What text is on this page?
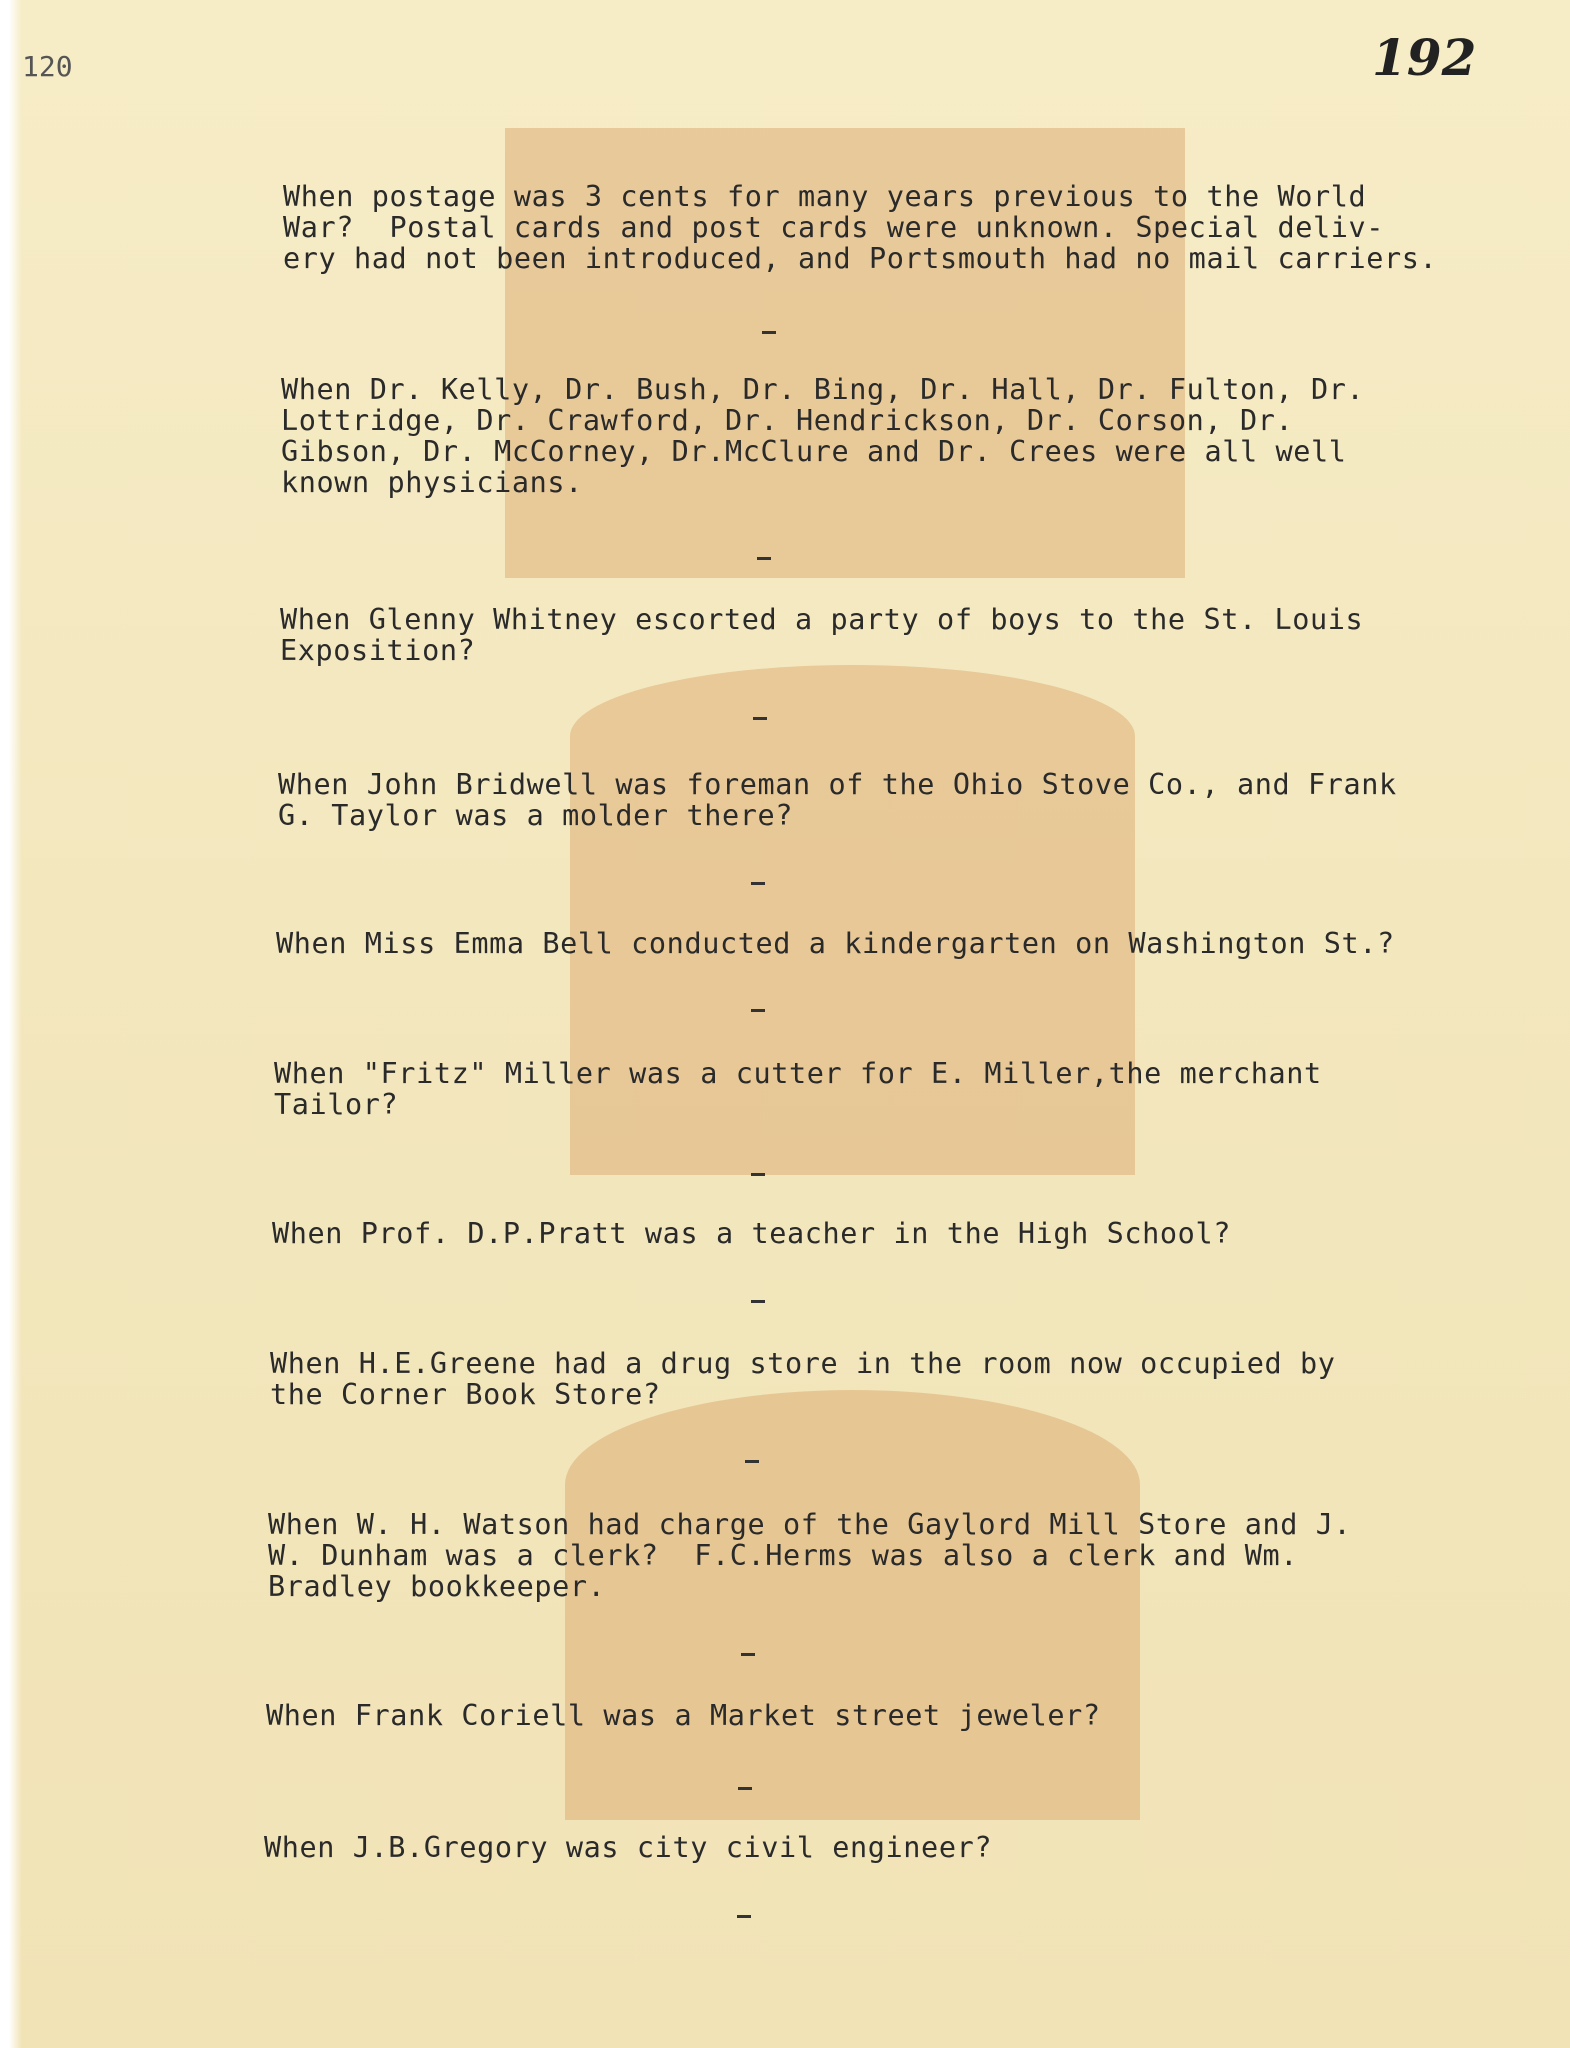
120	192

When postage was 3 cents for many years previous to the World
War?  Postal cards and post cards were unknown. Special deliv-
ery had not been introduced, and Portsmouth had no mail carriers.

When Dr. Kelly, Dr. Bush, Dr. Bing, Dr. Hall, Dr. Fulton, Dr.
Lottridge, Dr. Crawford, Dr. Hendrickson, Dr. Corson, Dr.
Gibson, Dr. McCorney, Dr.McClure and Dr. Crees were all well
known physicians.

When Glenny Whitney escorted a party of boys to the St. Louis
Exposition?

When John Bridwell was foreman of the Ohio Stove Co., and Frank
G. Taylor was a molder there?

When Miss Emma Bell conducted a kindergarten on Washington St.?

When "Fritz" Miller was a cutter for E. Miller,the merchant
Tailor?

When Prof. D.P.Pratt was a teacher in the High School?

When H.E.Greene had a drug store in the room now occupied by
the Corner Book Store?

When W. H. Watson had charge of the Gaylord Mill Store and J.
W. Dunham was a clerk?  F.C.Herms was also a clerk and Wm.
Bradley bookkeeper.

When Frank Coriell was a Market street jeweler?

When J.B.Gregory was city civil engineer?
